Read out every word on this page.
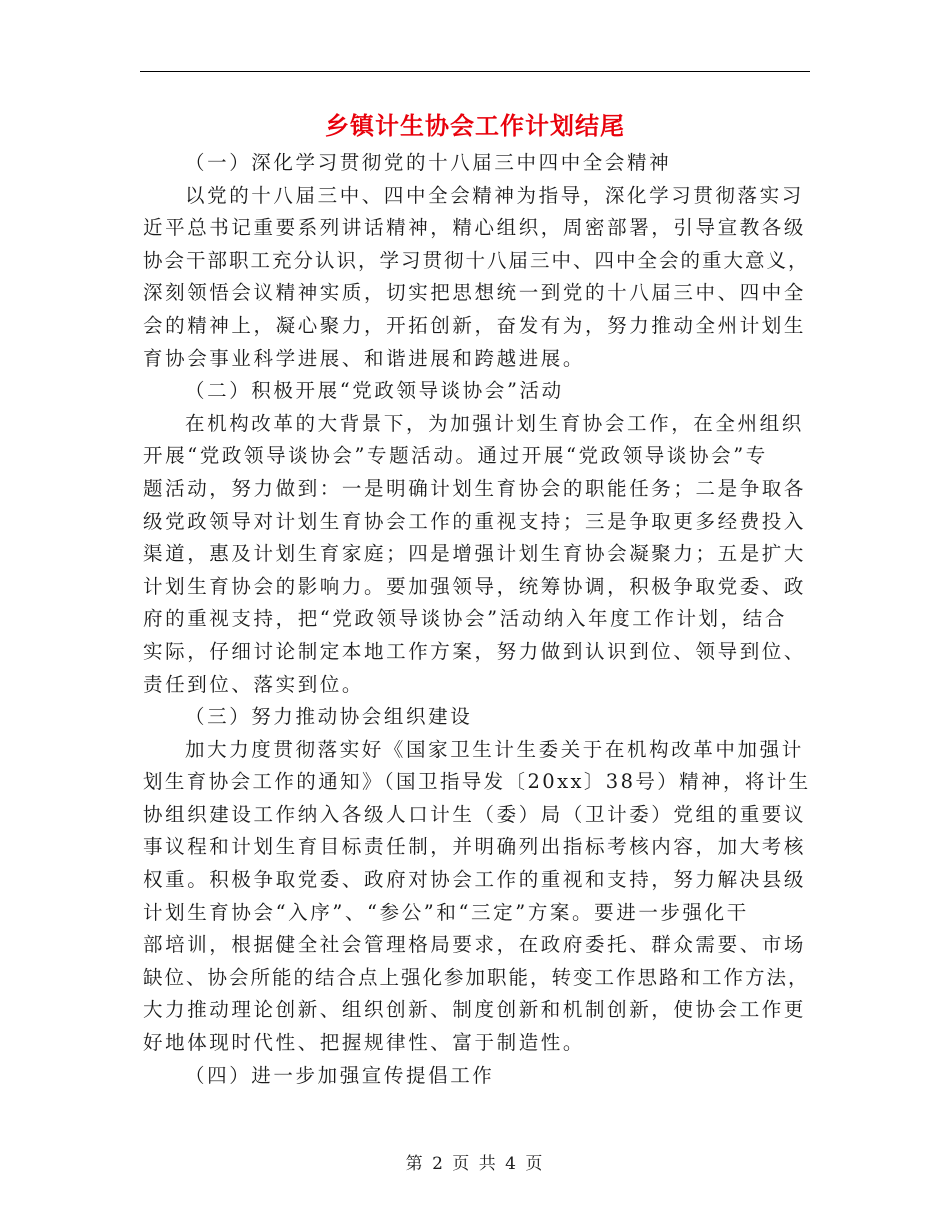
乡镇计生协会工作计划结尾
（一）深化学习贯彻党的十八届三中四中全会精神
以党的十八届三中、四中全会精神为指导，深化学习贯彻落实习
近平总书记重要系列讲话精神，精心组织，周密部署，引导宣教各级
协会干部职工充分认识，学习贯彻十八届三中、四中全会的重大意义，
深刻领悟会议精神实质，切实把思想统一到党的十八届三中、四中全
会的精神上，凝心聚力，开拓创新，奋发有为，努力推动全州计划生
育协会事业科学进展、和谐进展和跨越进展。
（二）积极开展“党政领导谈协会”活动
在机构改革的大背景下，为加强计划生育协会工作，在全州组织
开展“党政领导谈协会”专题活动。通过开展“党政领导谈协会”专
题活动，努力做到：一是明确计划生育协会的职能任务；二是争取各
级党政领导对计划生育协会工作的重视支持；三是争取更多经费投入
渠道，惠及计划生育家庭；四是增强计划生育协会凝聚力；五是扩大
计划生育协会的影响力。要加强领导，统筹协调，积极争取党委、政
府的重视支持，把“党政领导谈协会”活动纳入年度工作计划，结合
实际，仔细讨论制定本地工作方案，努力做到认识到位、领导到位、
责任到位、落实到位。
（三）努力推动协会组织建设
加大力度贯彻落实好《国家卫生计生委关于在机构改革中加强计
划生育协会工作的通知》（国卫指导发〔20xx〕38号）精神，将计生
协组织建设工作纳入各级人口计生（委）局（卫计委）党组的重要议
事议程和计划生育目标责任制，并明确列出指标考核内容，加大考核
权重。积极争取党委、政府对协会工作的重视和支持，努力解决县级
计划生育协会“入序”、“参公”和“三定”方案。要进一步强化干
部培训，根据健全社会管理格局要求，在政府委托、群众需要、市场
缺位、协会所能的结合点上强化参加职能，转变工作思路和工作方法，
大力推动理论创新、组织创新、制度创新和机制创新，使协会工作更
好地体现时代性、把握规律性、富于制造性。
（四）进一步加强宣传提倡工作
第 2 页 共 4 页
